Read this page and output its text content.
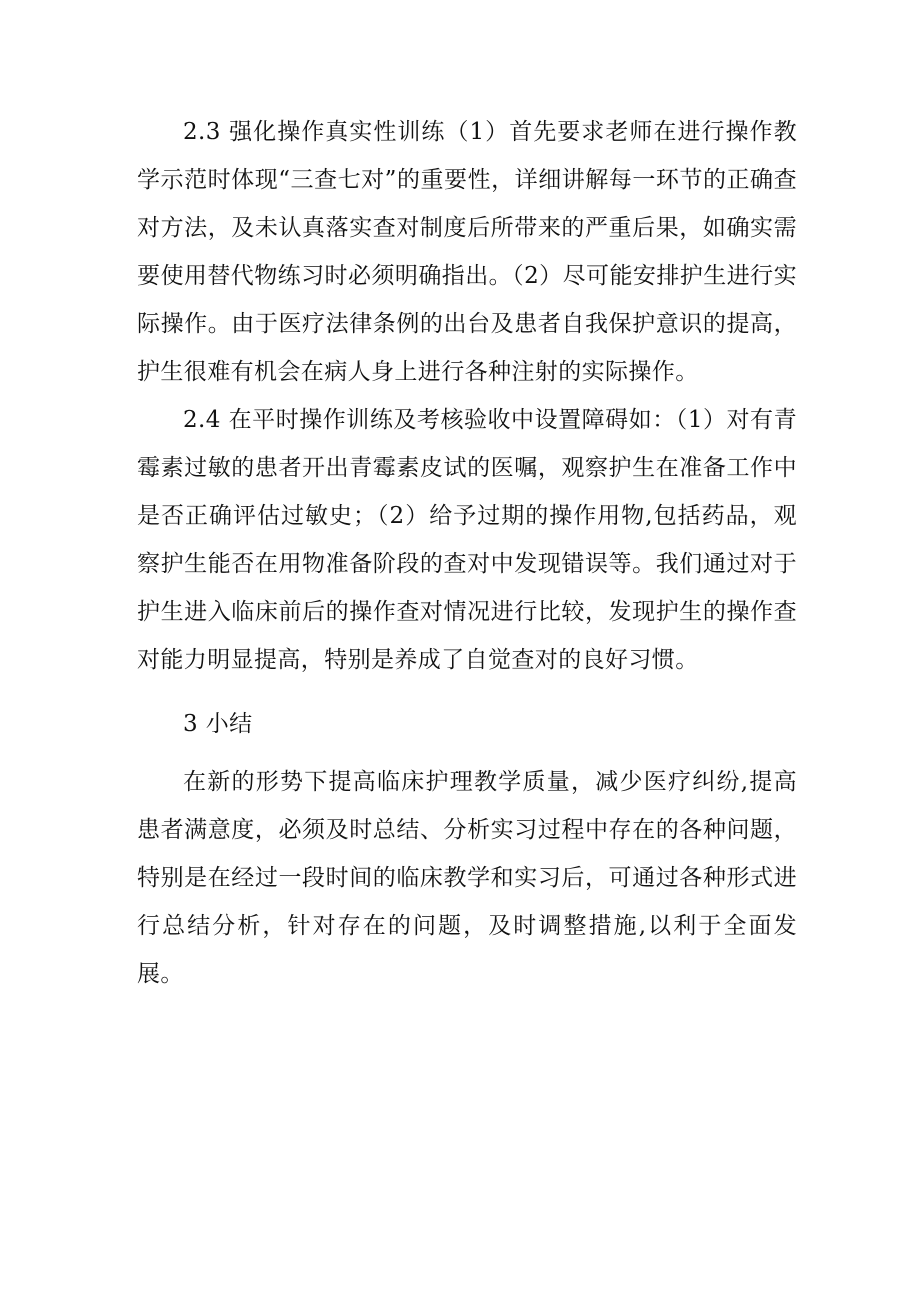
2.3 强化操作真实性训练（1）首先要求老师在进行操作教学示范时体现“三查七对”的重要性，详细讲解每一环节的正确查对方法，及未认真落实查对制度后所带来的严重后果，如确实需要使用替代物练习时必须明确指出。（2）尽可能安排护生进行实际操作。由于医疗法律条例的出台及患者自我保护意识的提高，护生很难有机会在病人身上进行各种注射的实际操作。

2.4 在平时操作训练及考核验收中设置障碍如：（1）对有青霉素过敏的患者开出青霉素皮试的医嘱，观察护生在准备工作中是否正确评估过敏史；（2）给予过期的操作用物,包括药品，观察护生能否在用物准备阶段的查对中发现错误等。我们通过对于护生进入临床前后的操作查对情况进行比较，发现护生的操作查对能力明显提高，特别是养成了自觉查对的良好习惯。

3 小结

在新的形势下提高临床护理教学质量，减少医疗纠纷,提高患者满意度，必须及时总结、分析实习过程中存在的各种问题，特别是在经过一段时间的临床教学和实习后，可通过各种形式进行总结分析，针对存在的问题，及时调整措施,以利于全面发展。
